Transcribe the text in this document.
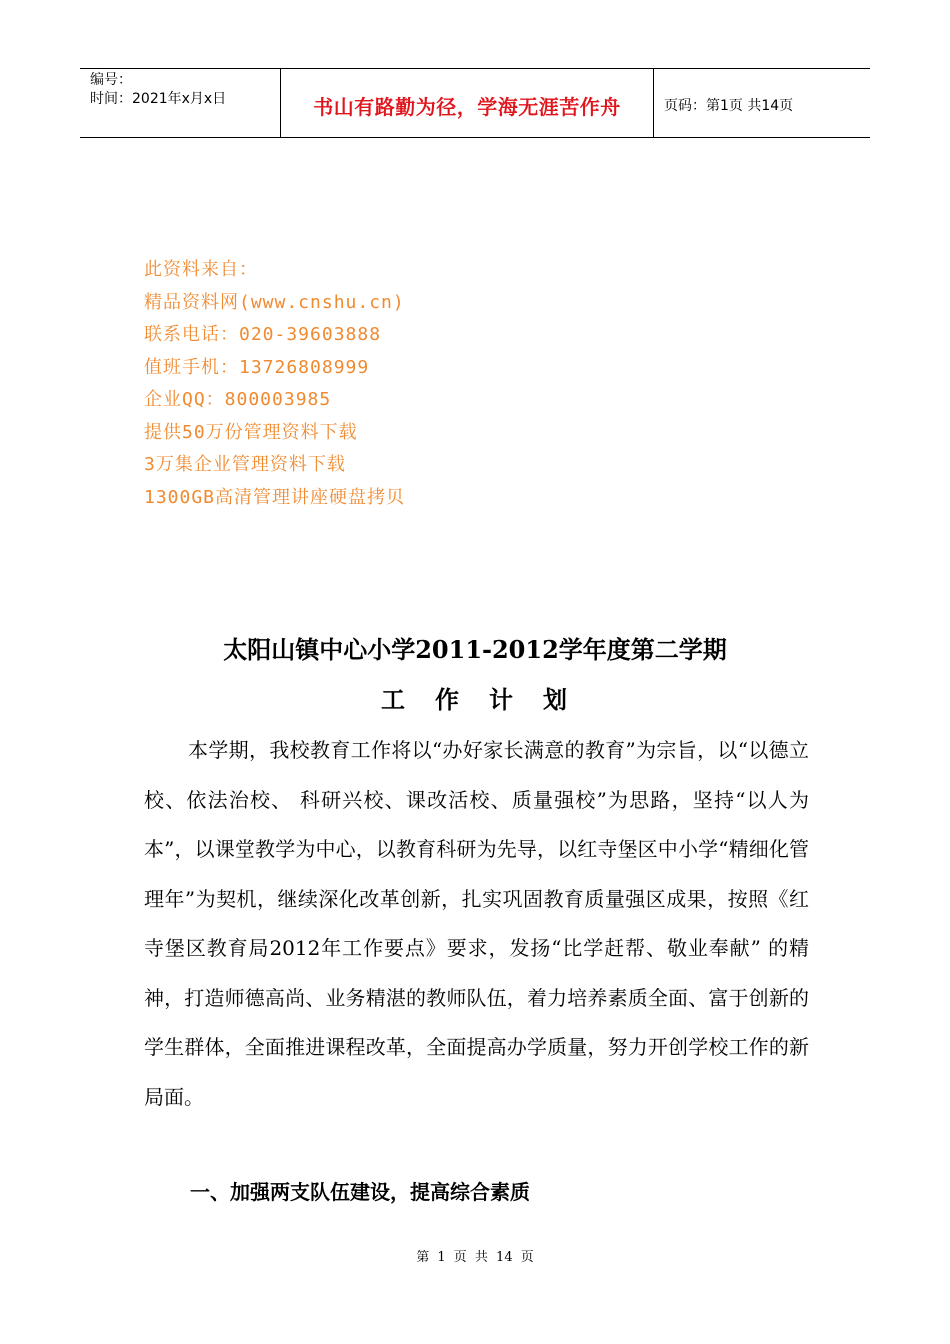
编号：
时间：2021年x月x日	书山有路勤为径，学海无涯苦作舟	页码：第1页 共14页
此资料来自：
精品资料网(www.cnshu.cn)
联系电话：020-39603888
值班手机：13726808999
企业QQ：800003985
提供50万份管理资料下载
3万集企业管理资料下载
1300GB高清管理讲座硬盘拷贝
太阳山镇中心小学2011-2012学年度第二学期
工作计划
本学期，我校教育工作将以“办好家长满意的教育”为宗旨，以“以德立校、依法治校、 科研兴校、课改活校、质量强校”为思路，坚持“以人为本”，以课堂教学为中心，以教育科研为先导，以红寺堡区中小学“精细化管理年”为契机，继续深化改革创新，扎实巩固教育质量强区成果，按照《红寺堡区教育局2012年工作要点》要求，发扬“比学赶帮、敬业奉献” 的精神，打造师德高尚、业务精湛的教师队伍，着力培养素质全面、富于创新的学生群体，全面推进课程改革，全面提高办学质量，努力开创学校工作的新局面。
一、加强两支队伍建设，提高综合素质
第 1 页 共 14 页
